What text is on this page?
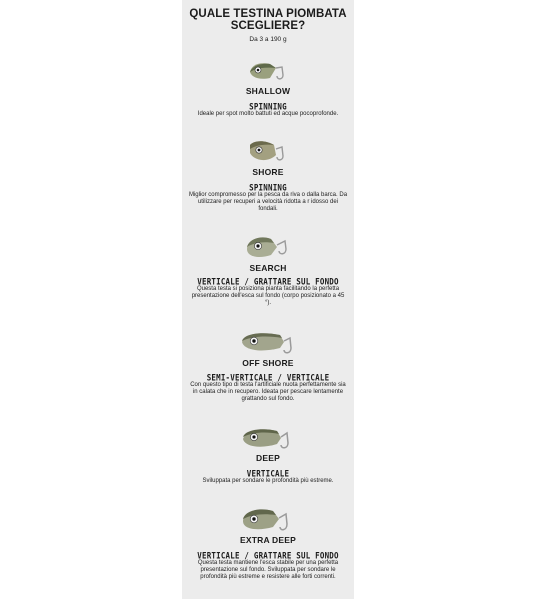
QUALE TESTINA PIOMBATA
SCEGLIERE?
Da 3 a 190 g
SHALLOW
SPINNING
Ideale per spot molto battuti ed acque pocoprofonde.
SHORE
SPINNING
Miglior compromesso per la pesca da riva o dalla barca. Da utilizzare per recuperi a velocità ridotta a r idosso dei fondali.
SEARCH
VERTICALE / GRATTARE SUL FONDO
Questa testa si posiziona pianta facilitando la perfetta presentazione dell'esca sul fondo (corpo posizionato a 45 °).
OFF SHORE
SEMI-VERTICALE / VERTICALE
Con questo tipo di testa l'artificiale nuota perfettamente sia in calata che in recupero. Ideata per pescare lentamente grattando sul fondo.
DEEP
VERTICALE
Sviluppata per sondare le profondità più estreme.
EXTRA DEEP
VERTICALE / GRATTARE SUL FONDO
Questa testa mantiene l'esca stabile per una perfetta presentazione sul fondo. Sviluppata per sondare le profondità più estreme e resistere alle forti correnti.
